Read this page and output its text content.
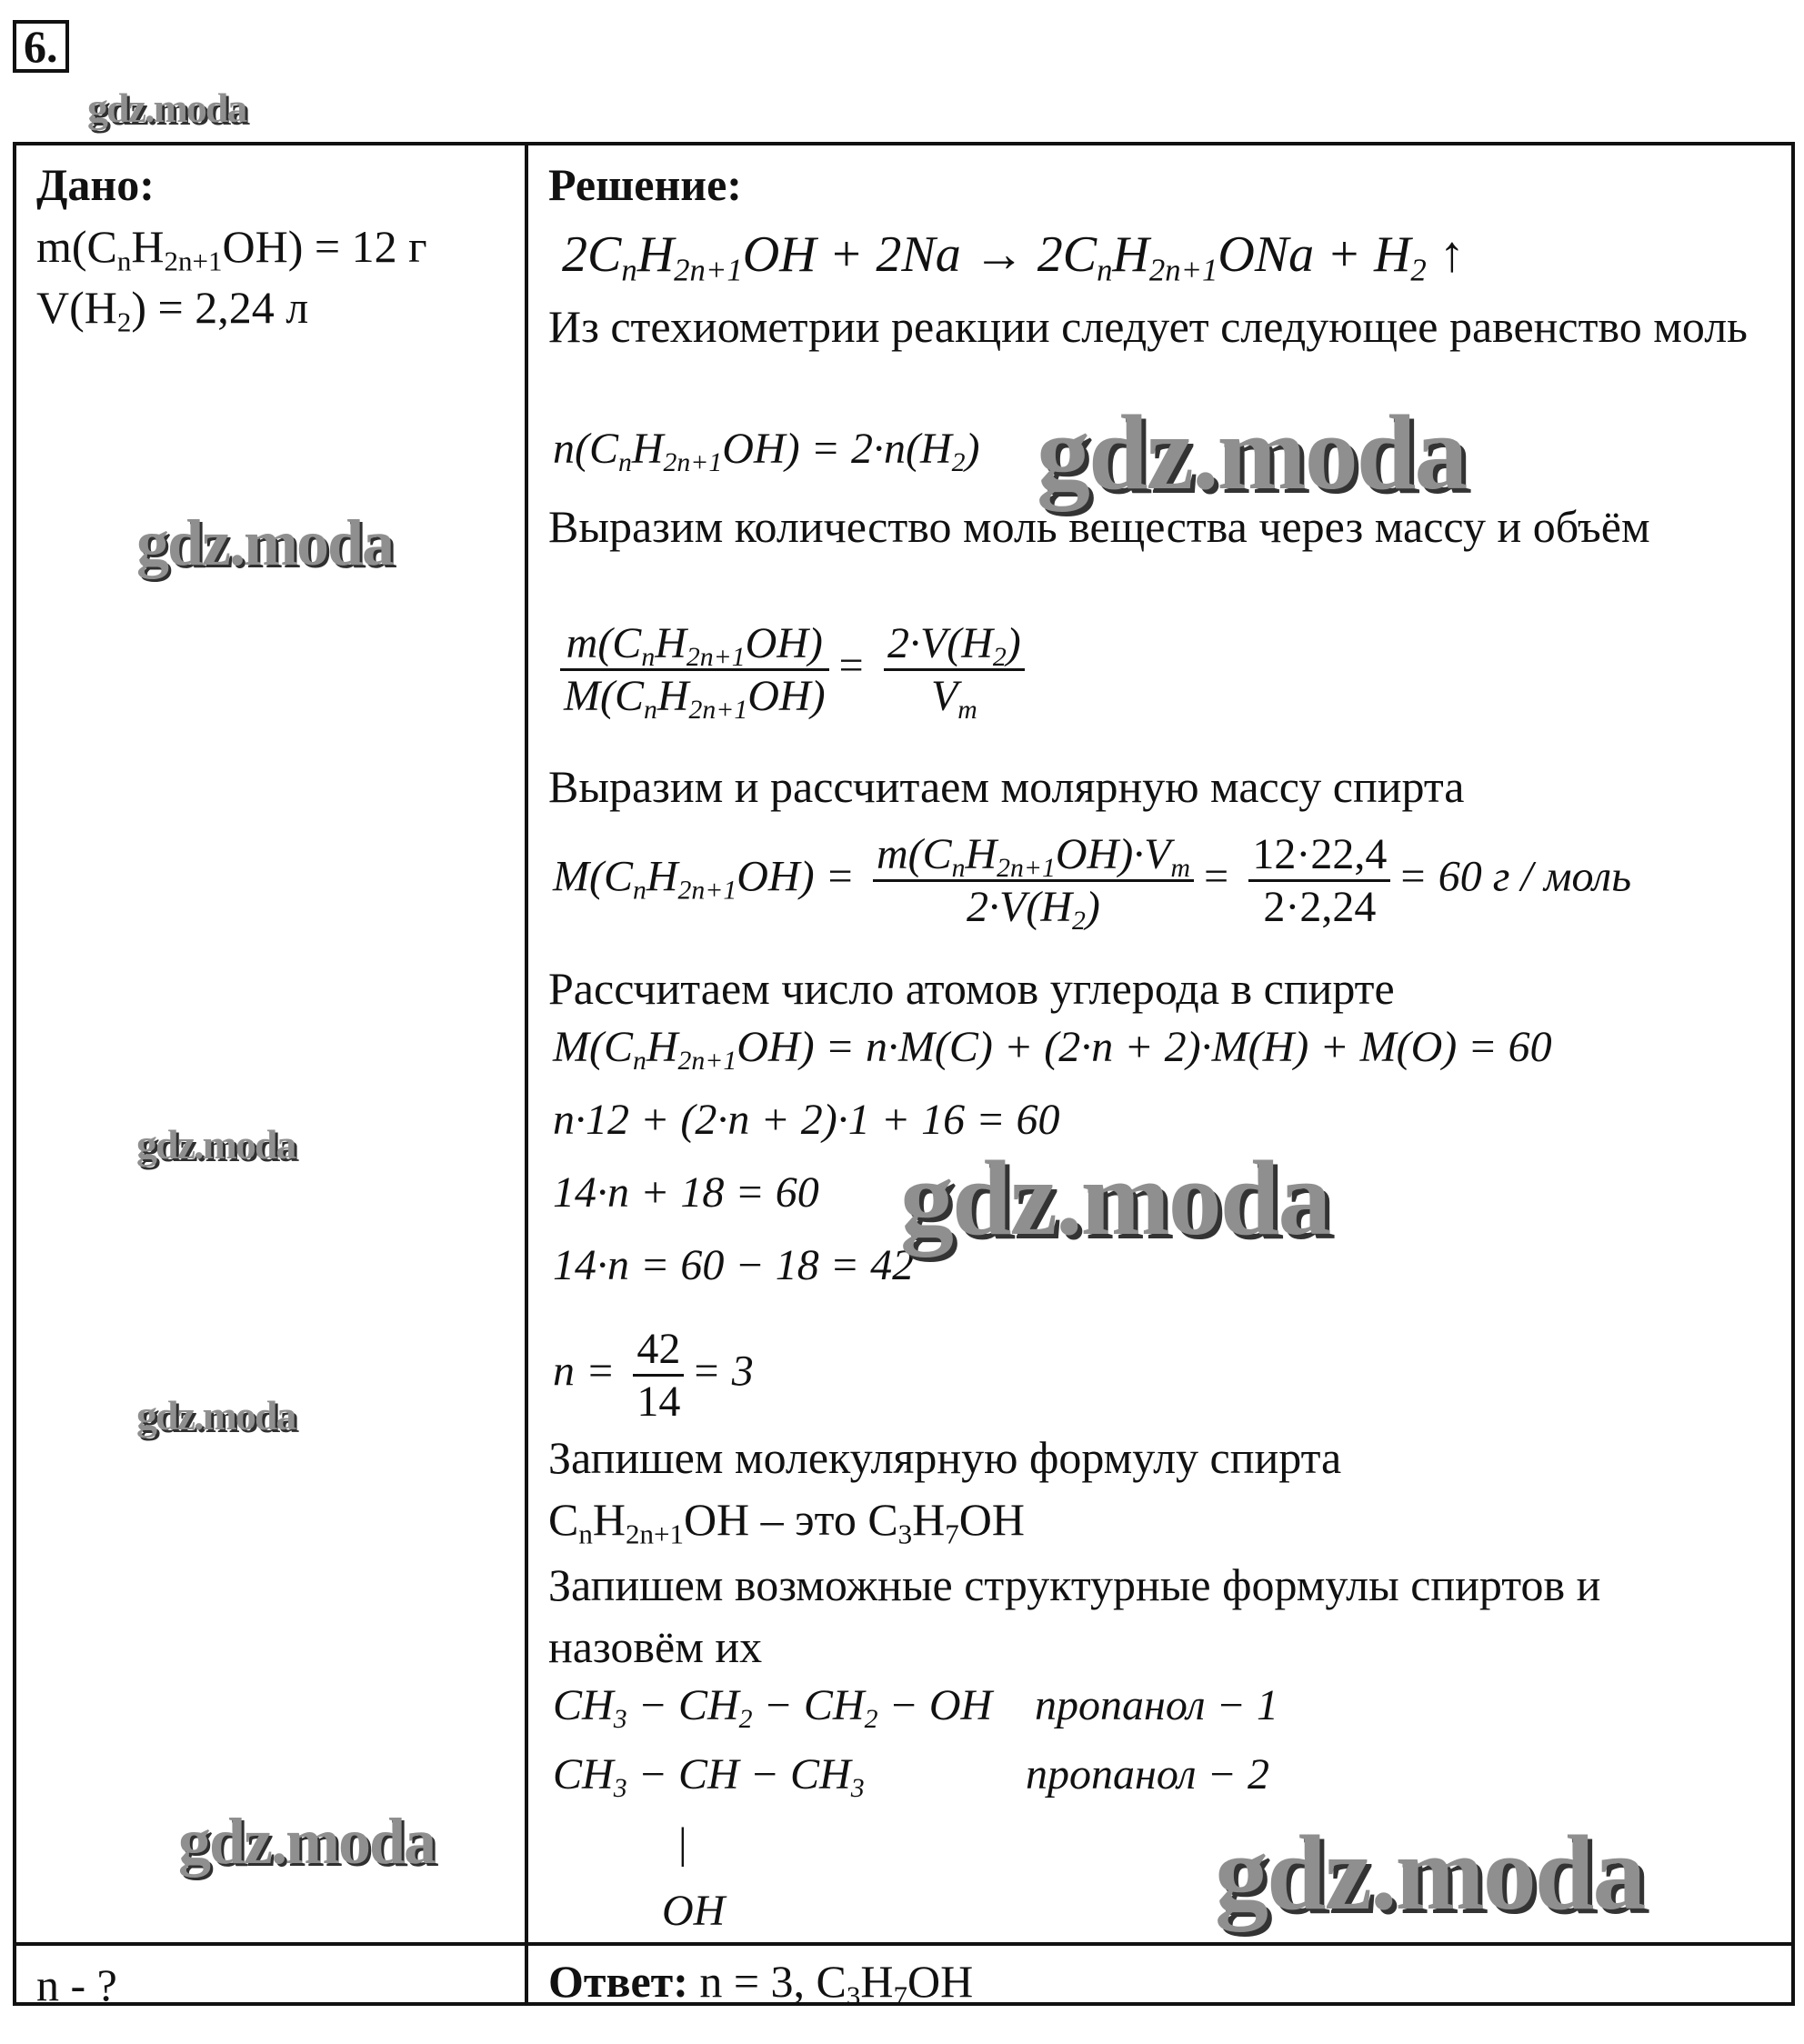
6.
gdz.moda
Дано:
$m(C_nH_{2n+1}OH) = 12$ г
$V(H_2) = 2,24$ л
n - ?
Решение:
$2C_nH_{2n+1}OH + 2Na \to 2C_nH_{2n+1}ONa + H_2$ ↑
Из стехиометрии реакции следует следующее равенство моль
$n(C_nH_{2n+1}OH) = 2\cdot n(H_2)$
Выразим количество моль вещества через массу и объём
$\frac{m(C_nH_{2n+1}OH)}{M(C_nH_{2n+1}OH)} = \frac{2\cdot V(H_2)}{V_m}$
Выразим и рассчитаем молярную массу спирта
$M(C_nH_{2n+1}OH) = \frac{m(C_nH_{2n+1}OH)\cdot V_m}{2\cdot V(H_2)} = \frac{12\cdot 22,4}{2\cdot 2,24} = 60$ г / моль
Рассчитаем число атомов углерода в спирте
$M(C_nH_{2n+1}OH) = n\cdot M(C) + (2\cdot n + 2)\cdot M(H) + M(O) = 60$
n·12 + (2·n + 2)·1 + 16 = 60
14·n + 18 = 60
14·n = 60 − 18 = 42
$n = \frac{42}{14} = 3$
Запишем молекулярную формулу спирта
$C_nH_{2n+1}OH$ – это $C_3H_7OH$
Запишем возможные структурные формулы спиртов и назовём их
$CH_3 - CH_2 - CH_2$ − OH пропанол − 1
$CH_3$ − CH − $CH_3$	пропанол − 2
|
OH
Ответ: n = 3, $C_3H_7OH$
gdz.moda
gdz.moda
gdz.moda
gdz.moda
gdz.moda
gdz.moda
gdz.moda
